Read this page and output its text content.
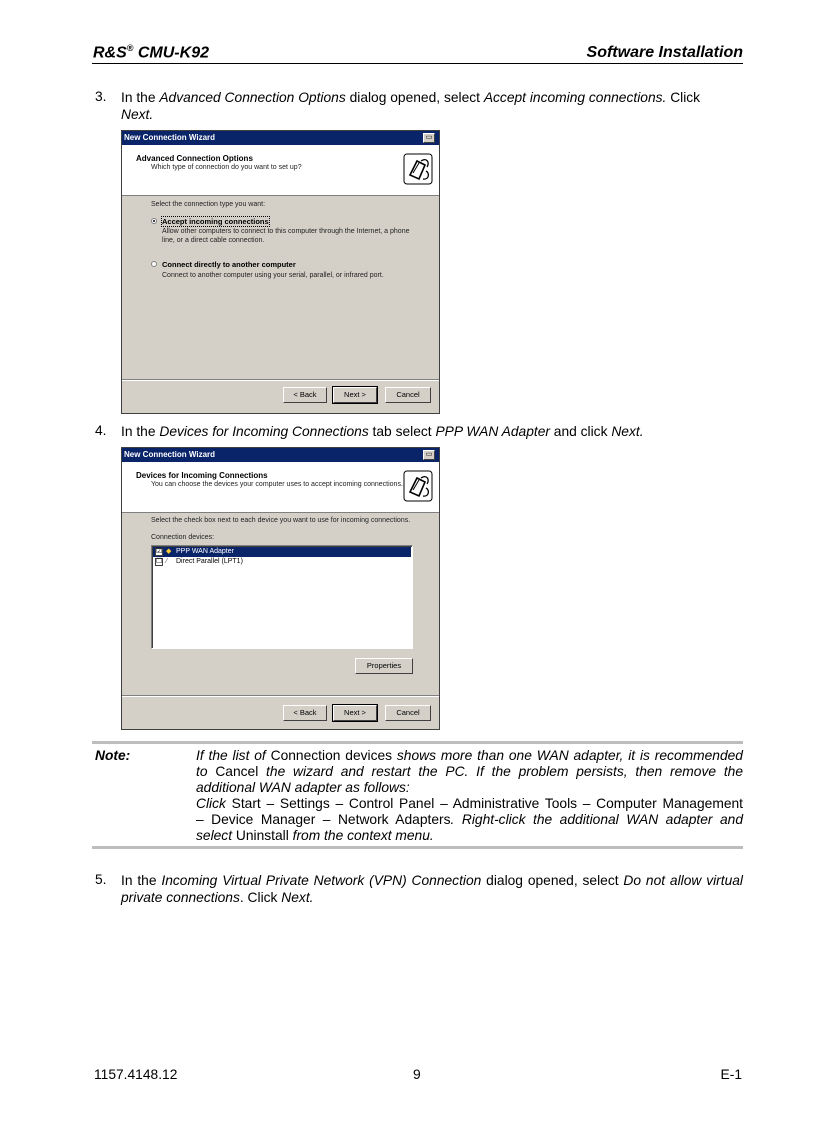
R&S® CMU-K92	Software Installation
3. In the Advanced Connection Options dialog opened, select Accept incoming connections. Click
Next.
New Connection Wizard	▭
Advanced Connection Options
Which type of connection do you want to set up?
Select the connection type you want:
Accept incoming connections
Allow other computers to connect to this computer through the Internet, a phone
line, or a direct cable connection.
Connect directly to another computer
Connect to another computer using your serial, parallel, or infrared port.
< Back	Next >	Cancel
4. In the Devices for Incoming Connections tab select PPP WAN Adapter and click Next.
New Connection Wizard	▭
Devices for Incoming Connections
You can choose the devices your computer uses to accept incoming connections.
Select the check box next to each device you want to use for incoming connections.
Connection devices:
☑ ◆ PPP WAN Adapter
☐ ⁄ Direct Parallel (LPT1)
Properties
< Back	Next >	Cancel
Note:	If the list of Connection devices shows more than one WAN adapter, it is recommended
to Cancel the wizard and restart the PC. If the problem persists, then remove the
additional WAN adapter as follows:
Click Start – Settings – Control Panel – Administrative Tools – Computer Management
– Device Manager – Network Adapters. Right-click the additional WAN adapter and
select Uninstall from the context menu.
5. In the Incoming Virtual Private Network (VPN) Connection dialog opened, select Do not allow virtual
private connections. Click Next.
1157.4148.12	9	E-1
